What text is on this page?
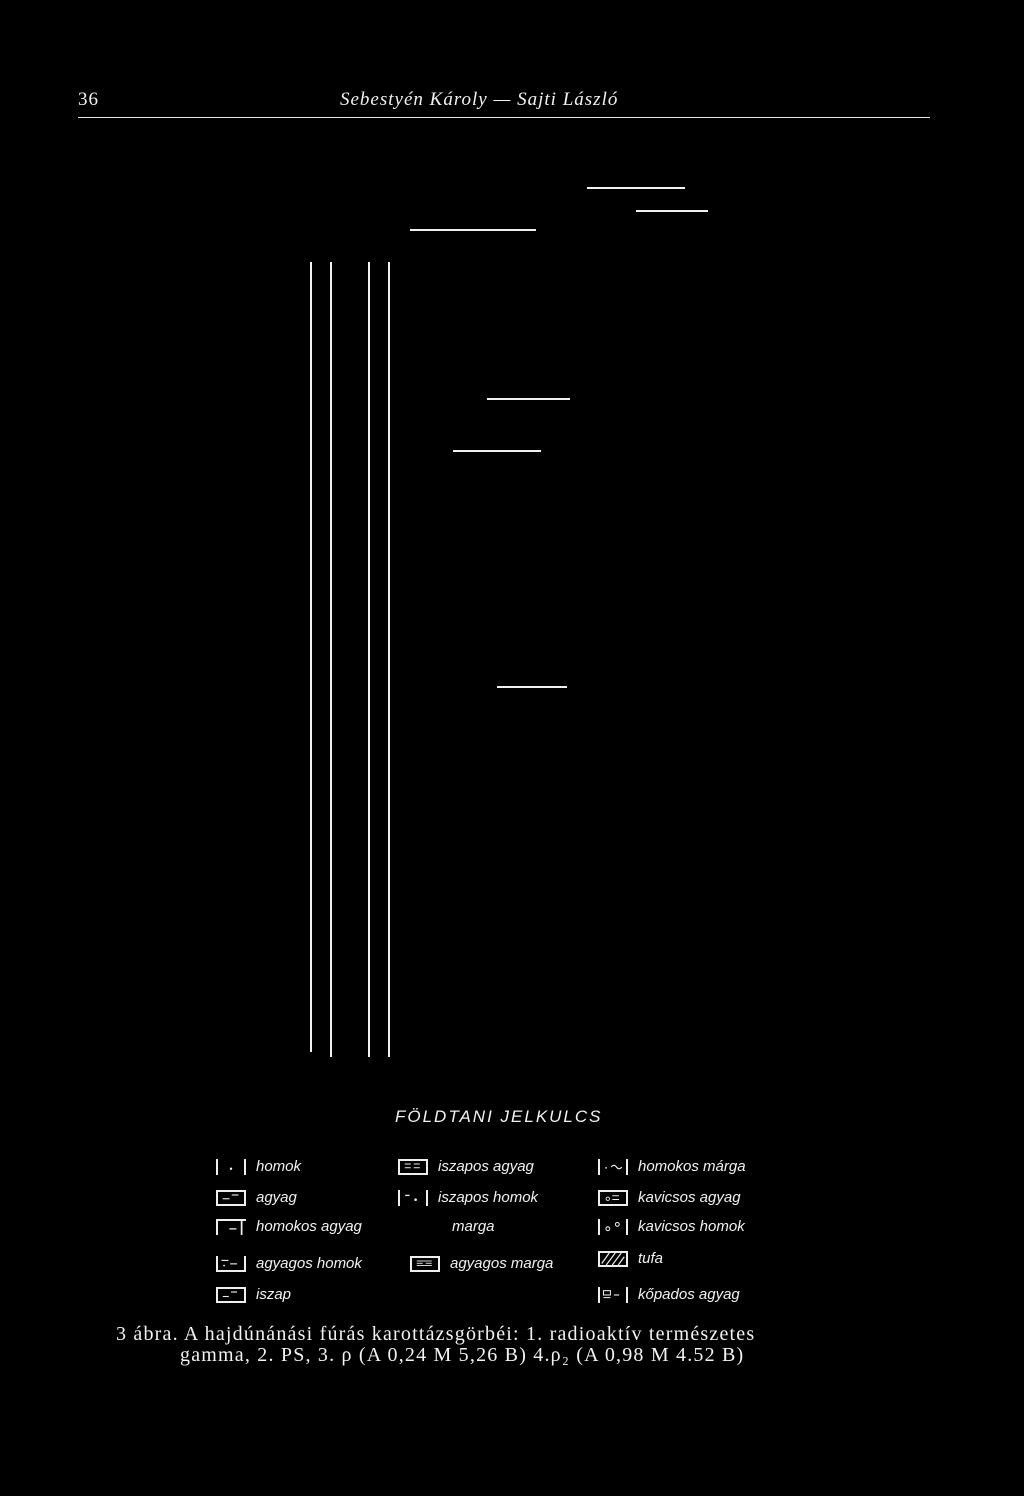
36	Sebestyén Károly — Sajti László
FÖLDTANI JELKULCS
homok
agyag
homokos agyag
agyagos homok
iszap
iszapos agyag
iszapos homok
marga
agyagos marga
homokos márga
kavicsos agyag
kavicsos homok
tufa
kőpados agyag
3 ábra. A hajdúnánási fúrás karottázsgörbéi: 1. radioaktív természetes
gamma, 2. PS, 3. ρ (A 0,24 M 5,26 B) 4.ρ₂ (A 0,98 M 4.52 B)
